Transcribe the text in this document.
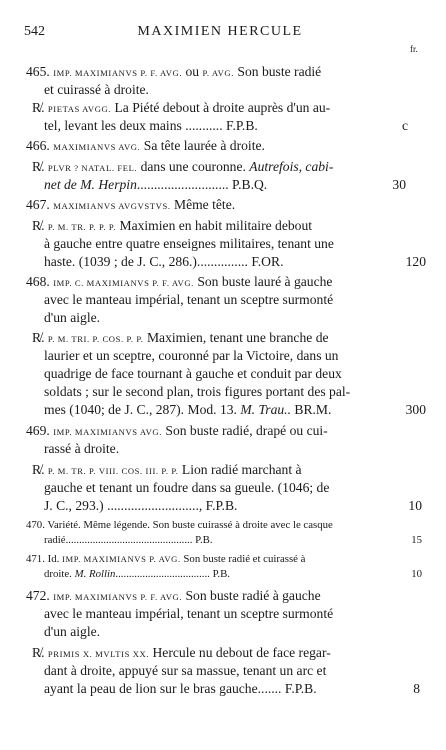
542	MAXIMIEN HERCULE
fr.
465. IMP. MAXIMIANVS P. F. AVG. ou P. AVG. Son buste radié
et cuirassé à droite.
R̸. PIETAS AVGG. La Piété debout à droite auprès d'un au-
tel, levant les deux mains ........... F.P.B.	c
466. MAXIMIANVS AVG. Sa tête laurée à droite.
R̸. PLVR ? NATAL. FEL. dans une couronne. Autrefois, cabi-
net de M. Herpin........................... P.B.Q.	30
467. MAXIMIANVS AVGVSTVS. Même tête.
R̸. P. M. TR. P. P. P. Maximien en habit militaire debout
à gauche entre quatre enseignes militaires, tenant une
haste. (1039 ; de J. C., 286.)............... F.OR.	120
468. IMP. C. MAXIMIANVS P. F. AVG. Son buste lauré à gauche
avec le manteau impérial, tenant un sceptre surmonté
d'un aigle.
R̸. P. M. TRI. P. COS. P. P. Maximien, tenant une branche de
laurier et un sceptre, couronné par la Victoire, dans un
quadrige de face tournant à gauche et conduit par deux
soldats ; sur le second plan, trois figures portant des pal-
mes (1040; de J. C., 287). Mod. 13. M. Trau.. BR.M.	300
469. IMP. MAXIMIANVS AVG. Son buste radié, drapé ou cui-
rassé à droite.
R̸. P. M. TR. P. VIII. COS. III. P. P. Lion radié marchant à
gauche et tenant un foudre dans sa gueule. (1046; de
J. C., 293.) ..........................., F.P.B.	10
470. Variété. Même légende. Son buste cuirassé à droite avec le casque
radié............................................... P.B.	15
471. Id. IMP. MAXIMIANVS P. AVG. Son buste radié et cuirassé à
droite. M. Rollin................................... P.B.	10
472. IMP. MAXIMIANVS P. F. AVG. Son buste radié à gauche
avec le manteau impérial, tenant un sceptre surmonté
d'un aigle.
R̸. PRIMIS X. MVLTIS XX. Hercule nu debout de face regar-
dant à droite, appuyé sur sa massue, tenant un arc et
ayant la peau de lion sur le bras gauche....... F.P.B.	8
